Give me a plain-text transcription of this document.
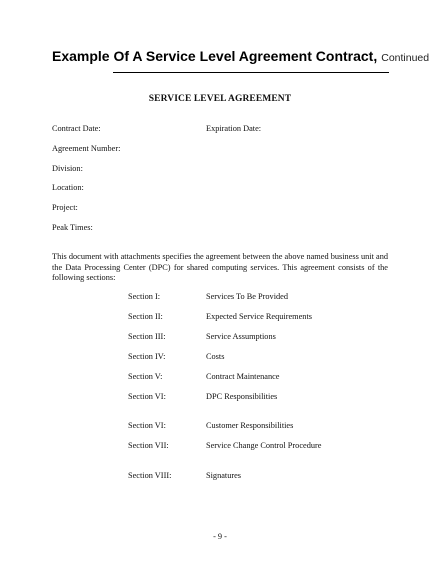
Example Of A Service Level Agreement Contract, Continued
SERVICE LEVEL AGREEMENT
Contract Date:	Expiration Date:
Agreement Number:
Division:
Location:
Project:
Peak Times:
This document with attachments specifies the agreement between the above named business unit and the Data Processing Center (DPC) for shared computing services. This agreement consists of the following sections:
Section I:	Services To Be Provided
Section II:	Expected Service Requirements
Section III:	Service Assumptions
Section IV:	Costs
Section V:	Contract Maintenance
Section VI:	DPC Responsibilities
Section VI:	Customer Responsibilities
Section VII:	Service Change Control Procedure
Section VIII:	Signatures
- 9 -
